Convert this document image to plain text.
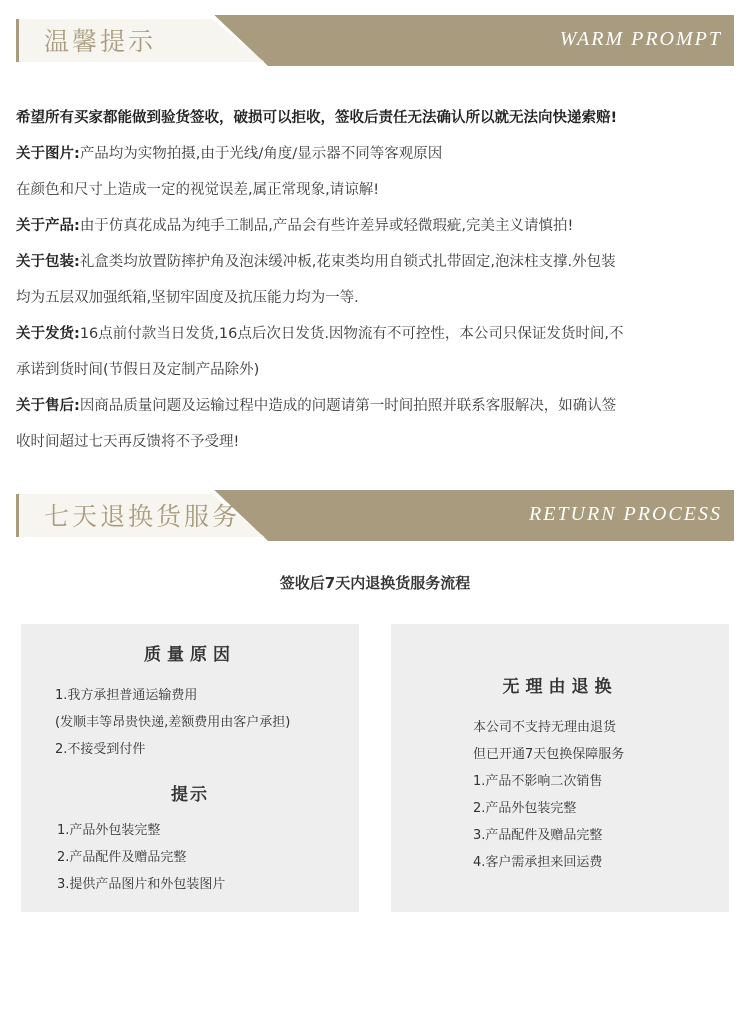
温馨提示	WARM PROMPT
希望所有买家都能做到验货签收，破损可以拒收，签收后责任无法确认所以就无法向快递索赔!
关于图片:产品均为实物拍摄,由于光线/角度/显示器不同等客观原因
在颜色和尺寸上造成一定的视觉误差,属正常现象,请谅解!
关于产品:由于仿真花成品为纯手工制品,产品会有些许差异或轻微瑕疵,完美主义请慎拍!
关于包装:礼盒类均放置防摔护角及泡沫缓冲板,花束类均用自锁式扎带固定,泡沫柱支撑.外包装
均为五层双加强纸箱,坚韧牢固度及抗压能力均为一等.
关于发货:16点前付款当日发货,16点后次日发货.因物流有不可控性，本公司只保证发货时间,不
承诺到货时间(节假日及定制产品除外)
关于售后:因商品质量问题及运输过程中造成的问题请第一时间拍照并联系客服解决，如确认签
收时间超过七天再反馈将不予受理!
七天退换货服务	RETURN PROCESS
签收后7天内退换货服务流程
质量原因
1.我方承担普通运输费用
(发顺丰等昂贵快递,差额费用由客户承担)
2.不接受到付件
提示
1.产品外包装完整
2.产品配件及赠品完整
3.提供产品图片和外包装图片
无理由退换
本公司不支持无理由退货
但已开通7天包换保障服务
1.产品不影响二次销售
2.产品外包装完整
3.产品配件及赠品完整
4.客户需承担来回运费
